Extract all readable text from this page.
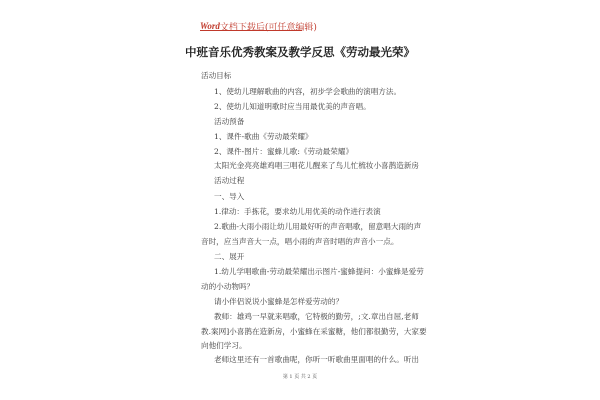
Word 文档下载后(可任意编辑)
中班音乐优秀教案及教学反思《劳动最光荣》
活动目标
1、使幼儿理解歌曲的内容，初步学会歌曲的演唱方法。
2、使幼儿知道明歌时应当用最优美的声音唱。
活动预备
1、课件-歌曲《劳动最荣耀》
2、课件-图片：蜜蜂儿歌:《劳动最荣耀》
太阳光金亮亮雄鸡唱三唱花儿醒来了鸟儿忙梳妆小喜鹊造新房
活动过程
一、导入
1.律动：手拣花，要求幼儿用优美的动作进行表演
2.歌曲-大雨小雨让幼儿用最好听的声音唱歌，留意唱大雨的声
音时，应当声音大一点，唱小雨的声音时唱的声音小一点。
二、展开
1.幼儿学唱歌曲-劳动最荣耀出示图片-蜜蜂提问：小蜜蜂是爱劳
动的小动物吗？
请小伴侣说说小蜜蜂是怎样爱劳动的？
教师：雄鸡一早就来唱歌，它特极的勤劳，;文.章出自屈,老师
教.案网]小喜鹊在造新房，小蜜蜂在采蜜糖，他们都很勤劳，大家要
向他们学习。
老师这里还有一首歌曲呢，你听一听歌曲里面唱的什么。听出
第 1 页 共 2 页
